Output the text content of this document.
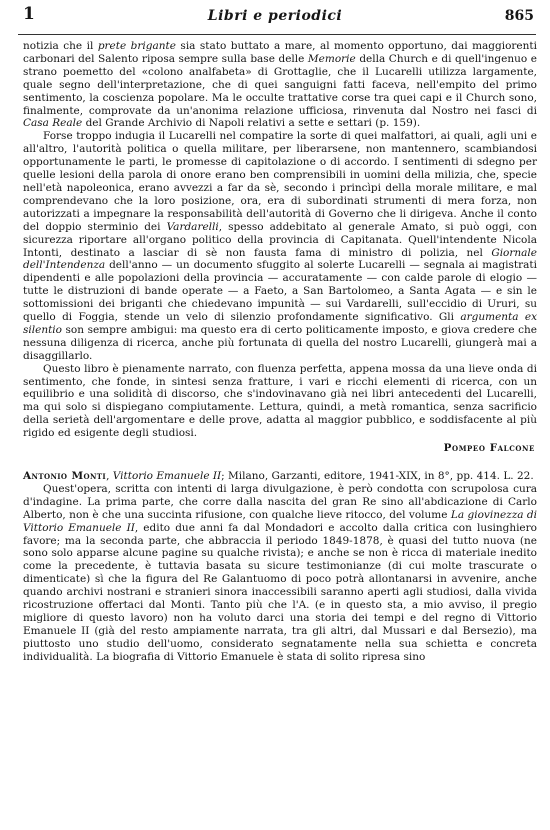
1	Libri e periodici	865

notizia che il prete brigante sia stato buttato a mare, al momento opportuno, dai maggiorenti carbonari del Salento riposa sempre sulla base delle Memorie della Church e di quell'ingenuo e strano poemetto del «colono analfabeta» di Grottaglie, che il Lucarelli utilizza largamente, quale segno dell'interpretazione, che di quei sanguigni fatti faceva, nell'empito del primo sentimento, la coscienza popolare. Ma le occulte trattative corse tra quei capi e il Church sono, finalmente, comprovate da un'anonima relazione ufficiosa, rinvenuta dal Nostro nei fasci di Casa Reale del Grande Archivio di Napoli relativi a sette e settari (p. 159).

Forse troppo indugia il Lucarelli nel compatire la sorte di quei malfattori, ai quali, agli uni e all'altro, l'autorità politica o quella militare, per liberarsene, non mantennero, scambiandosi opportunamente le parti, le promesse di capitolazione o di accordo. I sentimenti di sdegno per quelle lesioni della parola di onore erano ben comprensibili in uomini della milizia, che, specie nell'età napoleonica, erano avvezzi a far da sè, secondo i princìpi della morale militare, e mal comprendevano che la loro posizione, ora, era di subordinati strumenti di mera forza, non autorizzati a impegnare la responsabilità dell'autorità di Governo che li dirigeva. Anche il conto del doppio sterminio dei Vardarelli, spesso addebitato al generale Amato, si può oggi, con sicurezza riportare all'organo politico della provincia di Capitanata. Quell'intendente Nicola Intonti, destinato a lasciar di sè non fausta fama di ministro di polizia, nel Giornale dell'Intendenza dell'anno — un documento sfuggito al solerte Lucarelli — segnala ai magistrati dipendenti e alle popolazioni della provincia — accuratamente — con calde parole di elogio — tutte le distruzioni di bande operate — a Faeto, a San Bartolomeo, a Santa Agata — e sin le sottomissioni dei briganti che chiedevano impunità — sui Vardarelli, sull'eccidio di Ururi, su quello di Foggia, stende un velo di silenzio profondamente significativo. Gli argumenta ex silentio son sempre ambigui: ma questo era di certo politicamente imposto, e giova credere che nessuna diligenza di ricerca, anche più fortunata di quella del nostro Lucarelli, giungerà mai a disaggillarlo.

Questo libro è pienamente narrato, con fluenza perfetta, appena mossa da una lieve onda di sentimento, che fonde, in sintesi senza fratture, i vari e ricchi elementi di ricerca, con un equilibrio e una solidità di discorso, che s'indovinavano già nei libri antecedenti del Lucarelli, ma qui solo si dispiegano compiutamente. Lettura, quindi, a metà romantica, senza sacrificio della serietà dell'argomentare e delle prove, adatta al maggior pubblico, e soddisfacente al più rigido ed esigente degli studiosi.

Pompeo Falcone

Antonio Monti, Vittorio Emanuele II; Milano, Garzanti, editore, 1941-XIX, in 8°, pp. 414. L. 22.

Quest'opera, scritta con intenti di larga divulgazione, è però condotta con scrupolosa cura d'indagine. La prima parte, che corre dalla nascita del gran Re sino all'abdicazione di Carlo Alberto, non è che una succinta rifusione, con qualche lieve ritocco, del volume La giovinezza di Vittorio Emanuele II, edito due anni fa dal Mondadori e accolto dalla critica con lusinghiero favore; ma la seconda parte, che abbraccia il periodo 1849-1878, è quasi del tutto nuova (ne sono solo apparse alcune pagine su qualche rivista); e anche se non è ricca di materiale inedito come la precedente, è tuttavia basata su sicure testimonianze (di cui molte trascurate o dimenticate) sì che la figura del Re Galantuomo di poco potrà allontanarsi in avvenire, anche quando archivi nostrani e stranieri sinora inaccessibili saranno aperti agli studiosi, dalla vivida ricostruzione offertaci dal Monti. Tanto più che l'A. (e in questo sta, a mio avviso, il pregio migliore di questo lavoro) non ha voluto darci una storia dei tempi e del regno di Vittorio Emanuele II (già del resto ampiamente narrata, tra gli altri, dal Mussari e dal Bersezio), ma piuttosto uno studio dell'uomo, considerato segnatamente nella sua schietta e concreta individualità. La biografia di Vittorio Emanuele è stata di solito ripresa sino
